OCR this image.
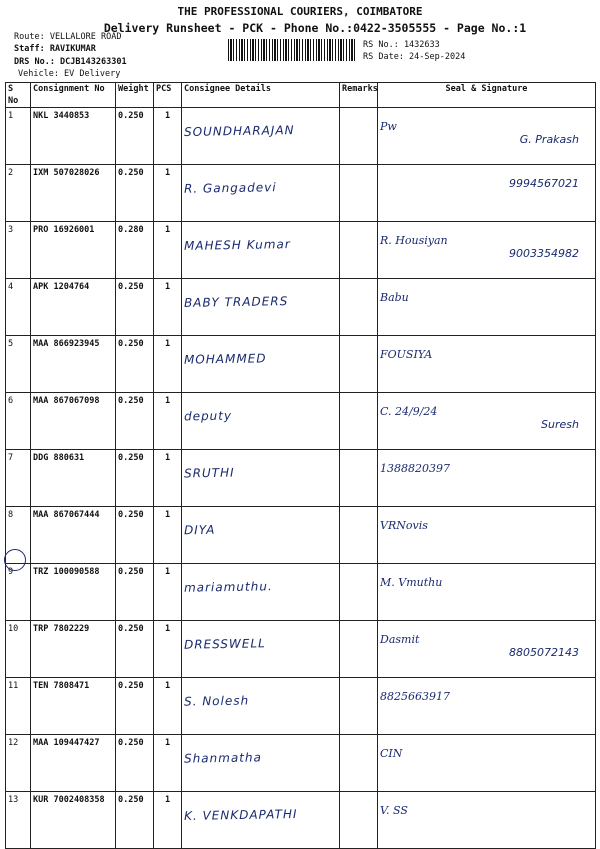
THE PROFESSIONAL COURIERS, COIMBATORE
Delivery Runsheet - PCK - Phone No.:0422-3505555 - Page No.:1
Route: VELLALORE ROAD
Staff: RAVIKUMAR
DRS No.: DCJB143263301
Vehicle: EV Delivery
RS No.: 1432633
RS Date: 24-Sep-2024
S No	Consignment No	Weight	PCS	Consignee Details	Remarks	Seal & Signature
1	NKL 3440853	0.250	1	SOUNDHARAJAN		Pw
G. Prakash

2	IXM 507028026	0.250	1	R. Gangadevi		9994567021

3	PRO 16926001	0.280	1	MAHESH Kumar		R. Housiyan
9003354982

4	APK 1204764	0.250	1	BABY TRADERS		Babu

5	MAA 866923945	0.250	1	MOHAMMED		FOUSIYA

6	MAA 867067098	0.250	1	deputy		C. 24/9/24
Suresh

7	DDG 880631	0.250	1	SRUTHI		1388820397

8	MAA 867067444	0.250	1	DIYA		VRNovis

9	TRZ 100090588	0.250	1	mariamuthu.		M. Vmuthu

10	TRP 7802229	0.250	1	DRESSWELL		Dasmit
8805072143

11	TEN 7808471	0.250	1	S. Nolesh		8825663917

12	MAA 109447427	0.250	1	Shanmatha		CIN

13	KUR 7002408358	0.250	1	K. VENKDAPATHI		V. SS
